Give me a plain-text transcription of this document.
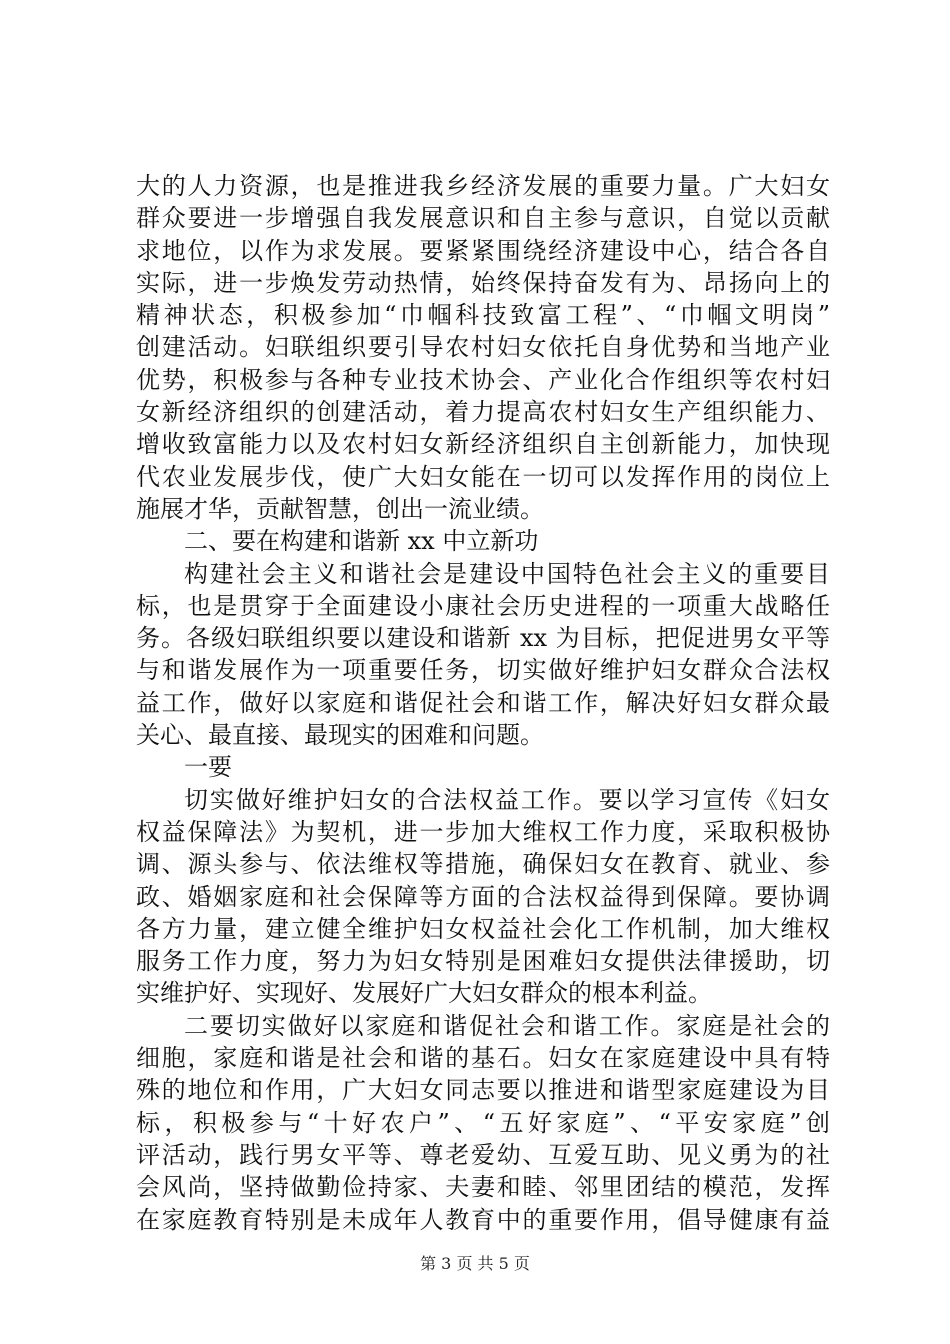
大的人力资源，也是推进我乡经济发展的重要力量。广大妇女
群众要进一步增强自我发展意识和自主参与意识，自觉以贡献
求地位，以作为求发展。要紧紧围绕经济建设中心，结合各自
实际，进一步焕发劳动热情，始终保持奋发有为、昂扬向上的
精神状态，积极参加“巾帼科技致富工程”、“巾帼文明岗”
创建活动。妇联组织要引导农村妇女依托自身优势和当地产业
优势，积极参与各种专业技术协会、产业化合作组织等农村妇
女新经济组织的创建活动，着力提高农村妇女生产组织能力、
增收致富能力以及农村妇女新经济组织自主创新能力，加快现
代农业发展步伐，使广大妇女能在一切可以发挥作用的岗位上
施展才华，贡献智慧，创出一流业绩。
二、要在构建和谐新 xx 中立新功
构建社会主义和谐社会是建设中国特色社会主义的重要目
标，也是贯穿于全面建设小康社会历史进程的一项重大战略任
务。各级妇联组织要以建设和谐新 xx 为目标，把促进男女平等
与和谐发展作为一项重要任务，切实做好维护妇女群众合法权
益工作，做好以家庭和谐促社会和谐工作，解决好妇女群众最
关心、最直接、最现实的困难和问题。
一要
切实做好维护妇女的合法权益工作。要以学习宣传《妇女
权益保障法》为契机，进一步加大维权工作力度，采取积极协
调、源头参与、依法维权等措施，确保妇女在教育、就业、参
政、婚姻家庭和社会保障等方面的合法权益得到保障。要协调
各方力量，建立健全维护妇女权益社会化工作机制，加大维权
服务工作力度，努力为妇女特别是困难妇女提供法律援助，切
实维护好、实现好、发展好广大妇女群众的根本利益。
二要切实做好以家庭和谐促社会和谐工作。家庭是社会的
细胞，家庭和谐是社会和谐的基石。妇女在家庭建设中具有特
殊的地位和作用，广大妇女同志要以推进和谐型家庭建设为目
标，积极参与“十好农户”、“五好家庭”、“平安家庭”创
评活动，践行男女平等、尊老爱幼、互爱互助、见义勇为的社
会风尚，坚持做勤俭持家、夫妻和睦、邻里团结的模范，发挥
在家庭教育特别是未成年人教育中的重要作用，倡导健康有益
第 3 页 共 5 页
